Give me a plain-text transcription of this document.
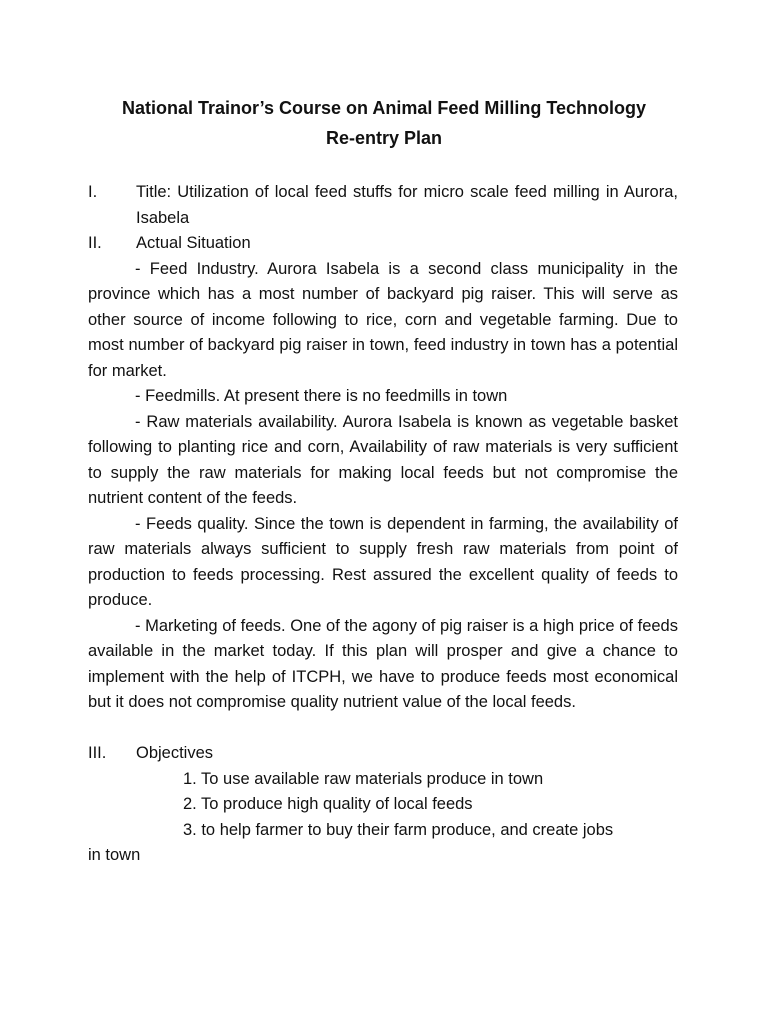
National Trainor’s Course on Animal Feed Milling Technology

Re-entry Plan

I.	Title: Utilization of local feed stuffs for micro scale feed milling in Aurora, Isabela
II.	Actual Situation

- Feed Industry. Aurora Isabela is a second class municipality in the province which has a most number of backyard pig raiser. This will serve as other source of income following to rice, corn and vegetable farming. Due to most number of backyard pig raiser in town, feed industry in town has a potential for market.

- Feedmills. At present there is no feedmills in town

- Raw materials availability. Aurora Isabela is known as vegetable basket following to planting rice and corn, Availability of raw materials is very sufficient to supply the raw materials for making local feeds but not compromise the nutrient content of the feeds.

- Feeds quality. Since the town is dependent in farming, the availability of raw materials always sufficient to supply fresh raw materials from point of production to feeds processing. Rest assured the excellent quality of feeds to produce.

- Marketing of feeds. One of the agony of pig raiser is a high price of feeds available in the market today. If this plan will prosper and give a chance to implement with the help of ITCPH, we have to produce feeds most economical but it does not compromise quality nutrient value of the local feeds.

III.	Objectives

1. To use available raw materials produce in town

2. To produce high quality of local feeds

3. to help farmer to buy their farm produce, and create jobs

in town
